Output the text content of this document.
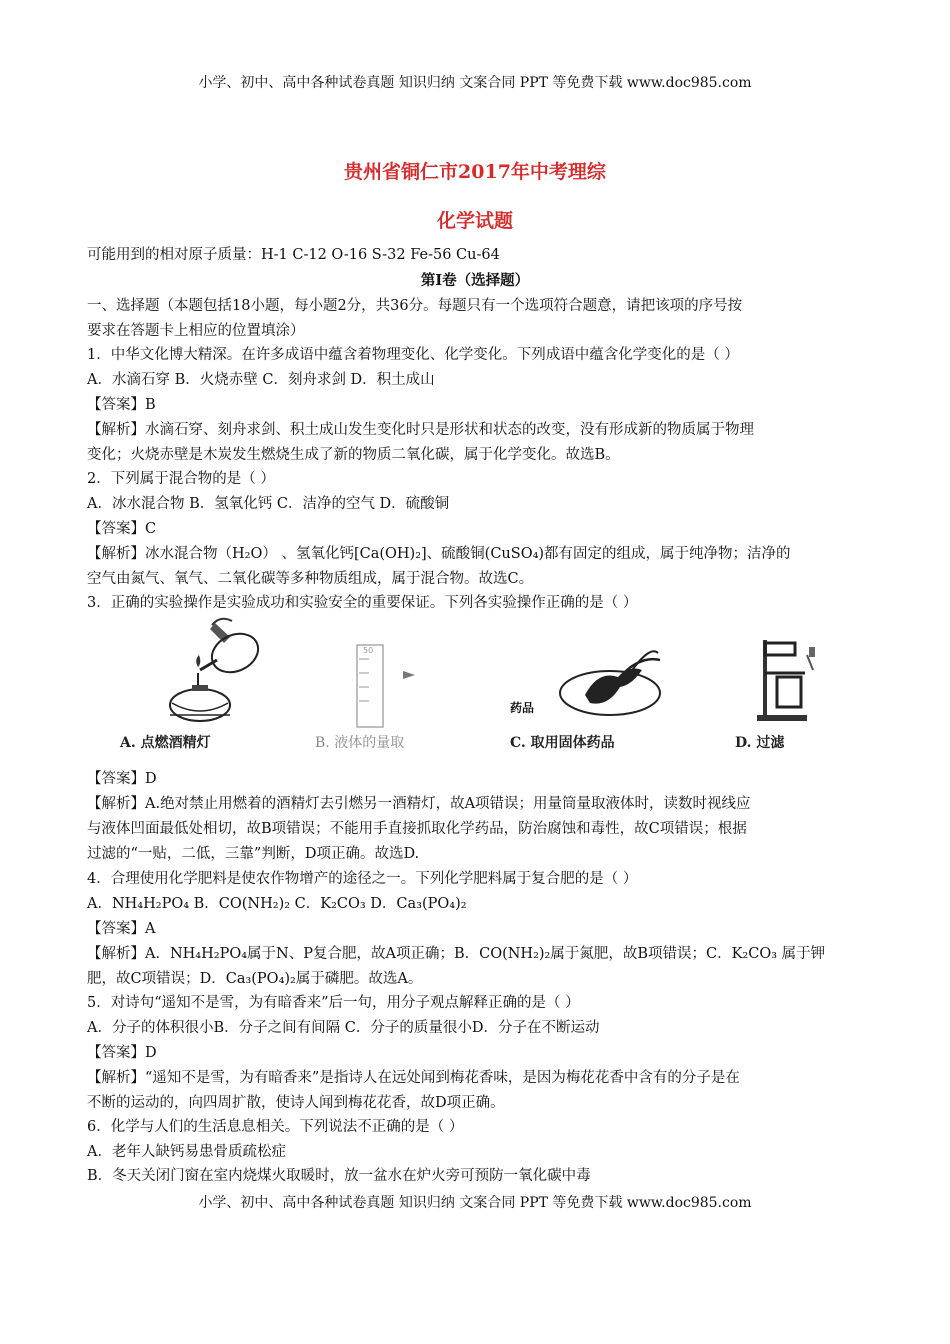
小学、初中、高中各种试卷真题 知识归纳 文案合同 PPT 等免费下载 www.doc985.com
贵州省铜仁市2017年中考理综
化学试题
可能用到的相对原子质量：H-1 C-12 O-16 S-32 Fe-56 Cu-64
第Ⅰ卷（选择题）
一、选择题（本题包括18小题，每小题2分，共36分。每题只有一个选项符合题意，请把该项的序号按
要求在答题卡上相应的位置填涂）
1．中华文化博大精深。在许多成语中蕴含着物理变化、化学变化。下列成语中蕴含化学变化的是（ ）
A．水滴石穿 B．火烧赤壁 C．刻舟求剑 D．积土成山
【答案】B
【解析】水滴石穿、刻舟求剑、积土成山发生变化时只是形状和状态的改变，没有形成新的物质属于物理
变化；火烧赤壁是木炭发生燃烧生成了新的物质二氧化碳，属于化学变化。故选B。
2．下列属于混合物的是（ ）
A．冰水混合物 B．氢氧化钙 C．洁净的空气 D．硫酸铜
【答案】C
【解析】冰水混合物（H₂O） 、氢氧化钙[Ca(OH)₂]、硫酸铜(CuSO₄)都有固定的组成，属于纯净物；洁净的
空气由氮气、氧气、二氧化碳等多种物质组成，属于混合物。故选C。
3．正确的实验操作是实验成功和实验安全的重要保证。下列各实验操作正确的是（ ）
A. 点燃酒精灯
50
B. 液体的量取
药品
C. 取用固体药品	D. 过滤
【答案】D
【解析】A.绝对禁止用燃着的酒精灯去引燃另一酒精灯，故A项错误；用量筒量取液体时，读数时视线应
与液体凹面最低处相切，故B项错误；不能用手直接抓取化学药品，防治腐蚀和毒性，故C项错误；根据
过滤的“一贴，二低，三靠”判断，D项正确。故选D.
4．合理使用化学肥料是使农作物增产的途径之一。下列化学肥料属于复合肥的是（ ）
A．NH₄H₂PO₄ B．CO(NH₂)₂ C．K₂CO₃ D．Ca₃(PO₄)₂
【答案】A
【解析】A．NH₄H₂PO₄属于N、P复合肥，故A项正确；B．CO(NH₂)₂属于氮肥，故B项错误；C．K₂CO₃ 属于钾
肥，故C项错误；D．Ca₃(PO₄)₂属于磷肥。故选A。
5．对诗句“遥知不是雪，为有暗香来”后一句，用分子观点解释正确的是（ ）
A．分子的体积很小B．分子之间有间隔 C．分子的质量很小D．分子在不断运动
【答案】D
【解析】“遥知不是雪，为有暗香来”是指诗人在远处闻到梅花香味，是因为梅花花香中含有的分子是在
不断的运动的，向四周扩散，使诗人闻到梅花花香，故D项正确。
6．化学与人们的生活息息相关。下列说法不正确的是（ ）
A．老年人缺钙易患骨质疏松症
B．冬天关闭门窗在室内烧煤火取暖时，放一盆水在炉火旁可预防一氧化碳中毒
小学、初中、高中各种试卷真题 知识归纳 文案合同 PPT 等免费下载 www.doc985.com
